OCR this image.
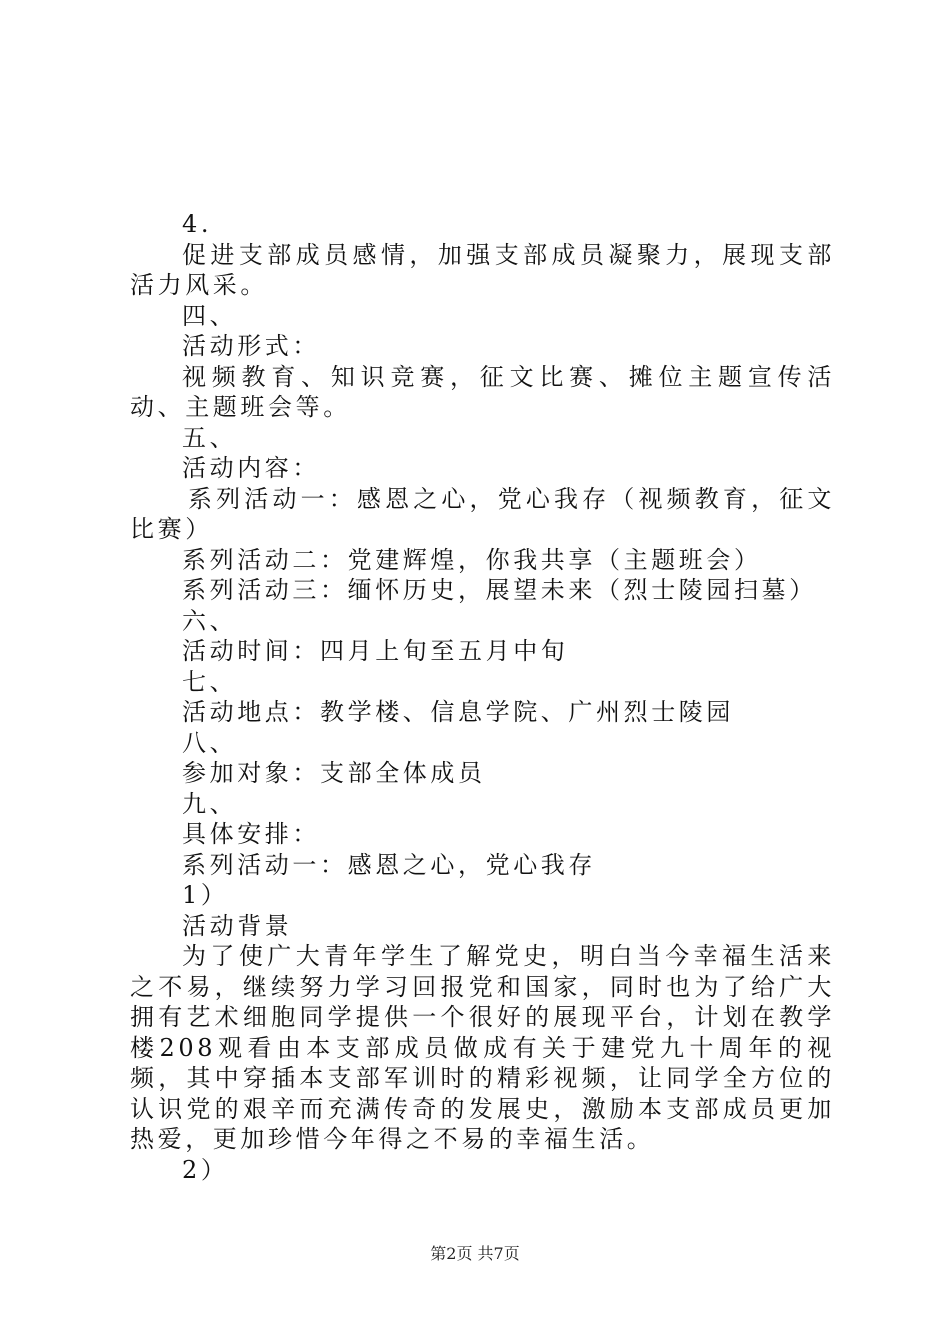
4.

促进支部成员感情，加强支部成员凝聚力，展现支部活力风采。

四、

活动形式：

视频教育、知识竞赛，征文比赛、摊位主题宣传活动、主题班会等。

五、

活动内容：

系列活动一：感恩之心，党心我存（视频教育，征文比赛）

系列活动二：党建辉煌，你我共享（主题班会）

系列活动三：缅怀历史，展望未来（烈士陵园扫墓）

六、

活动时间：四月上旬至五月中旬

七、

活动地点：教学楼、信息学院、广州烈士陵园

八、

参加对象：支部全体成员

九、

具体安排：

系列活动一：感恩之心，党心我存

1）

活动背景

为了使广大青年学生了解党史，明白当今幸福生活来之不易，继续努力学习回报党和国家，同时也为了给广大拥有艺术细胞同学提供一个很好的展现平台，计划在教学楼208观看由本支部成员做成有关于建党九十周年的视频，其中穿插本支部军训时的精彩视频，让同学全方位的认识党的艰辛而充满传奇的发展史，激励本支部成员更加热爱，更加珍惜今年得之不易的幸福生活。

2）

第2页 共7页
